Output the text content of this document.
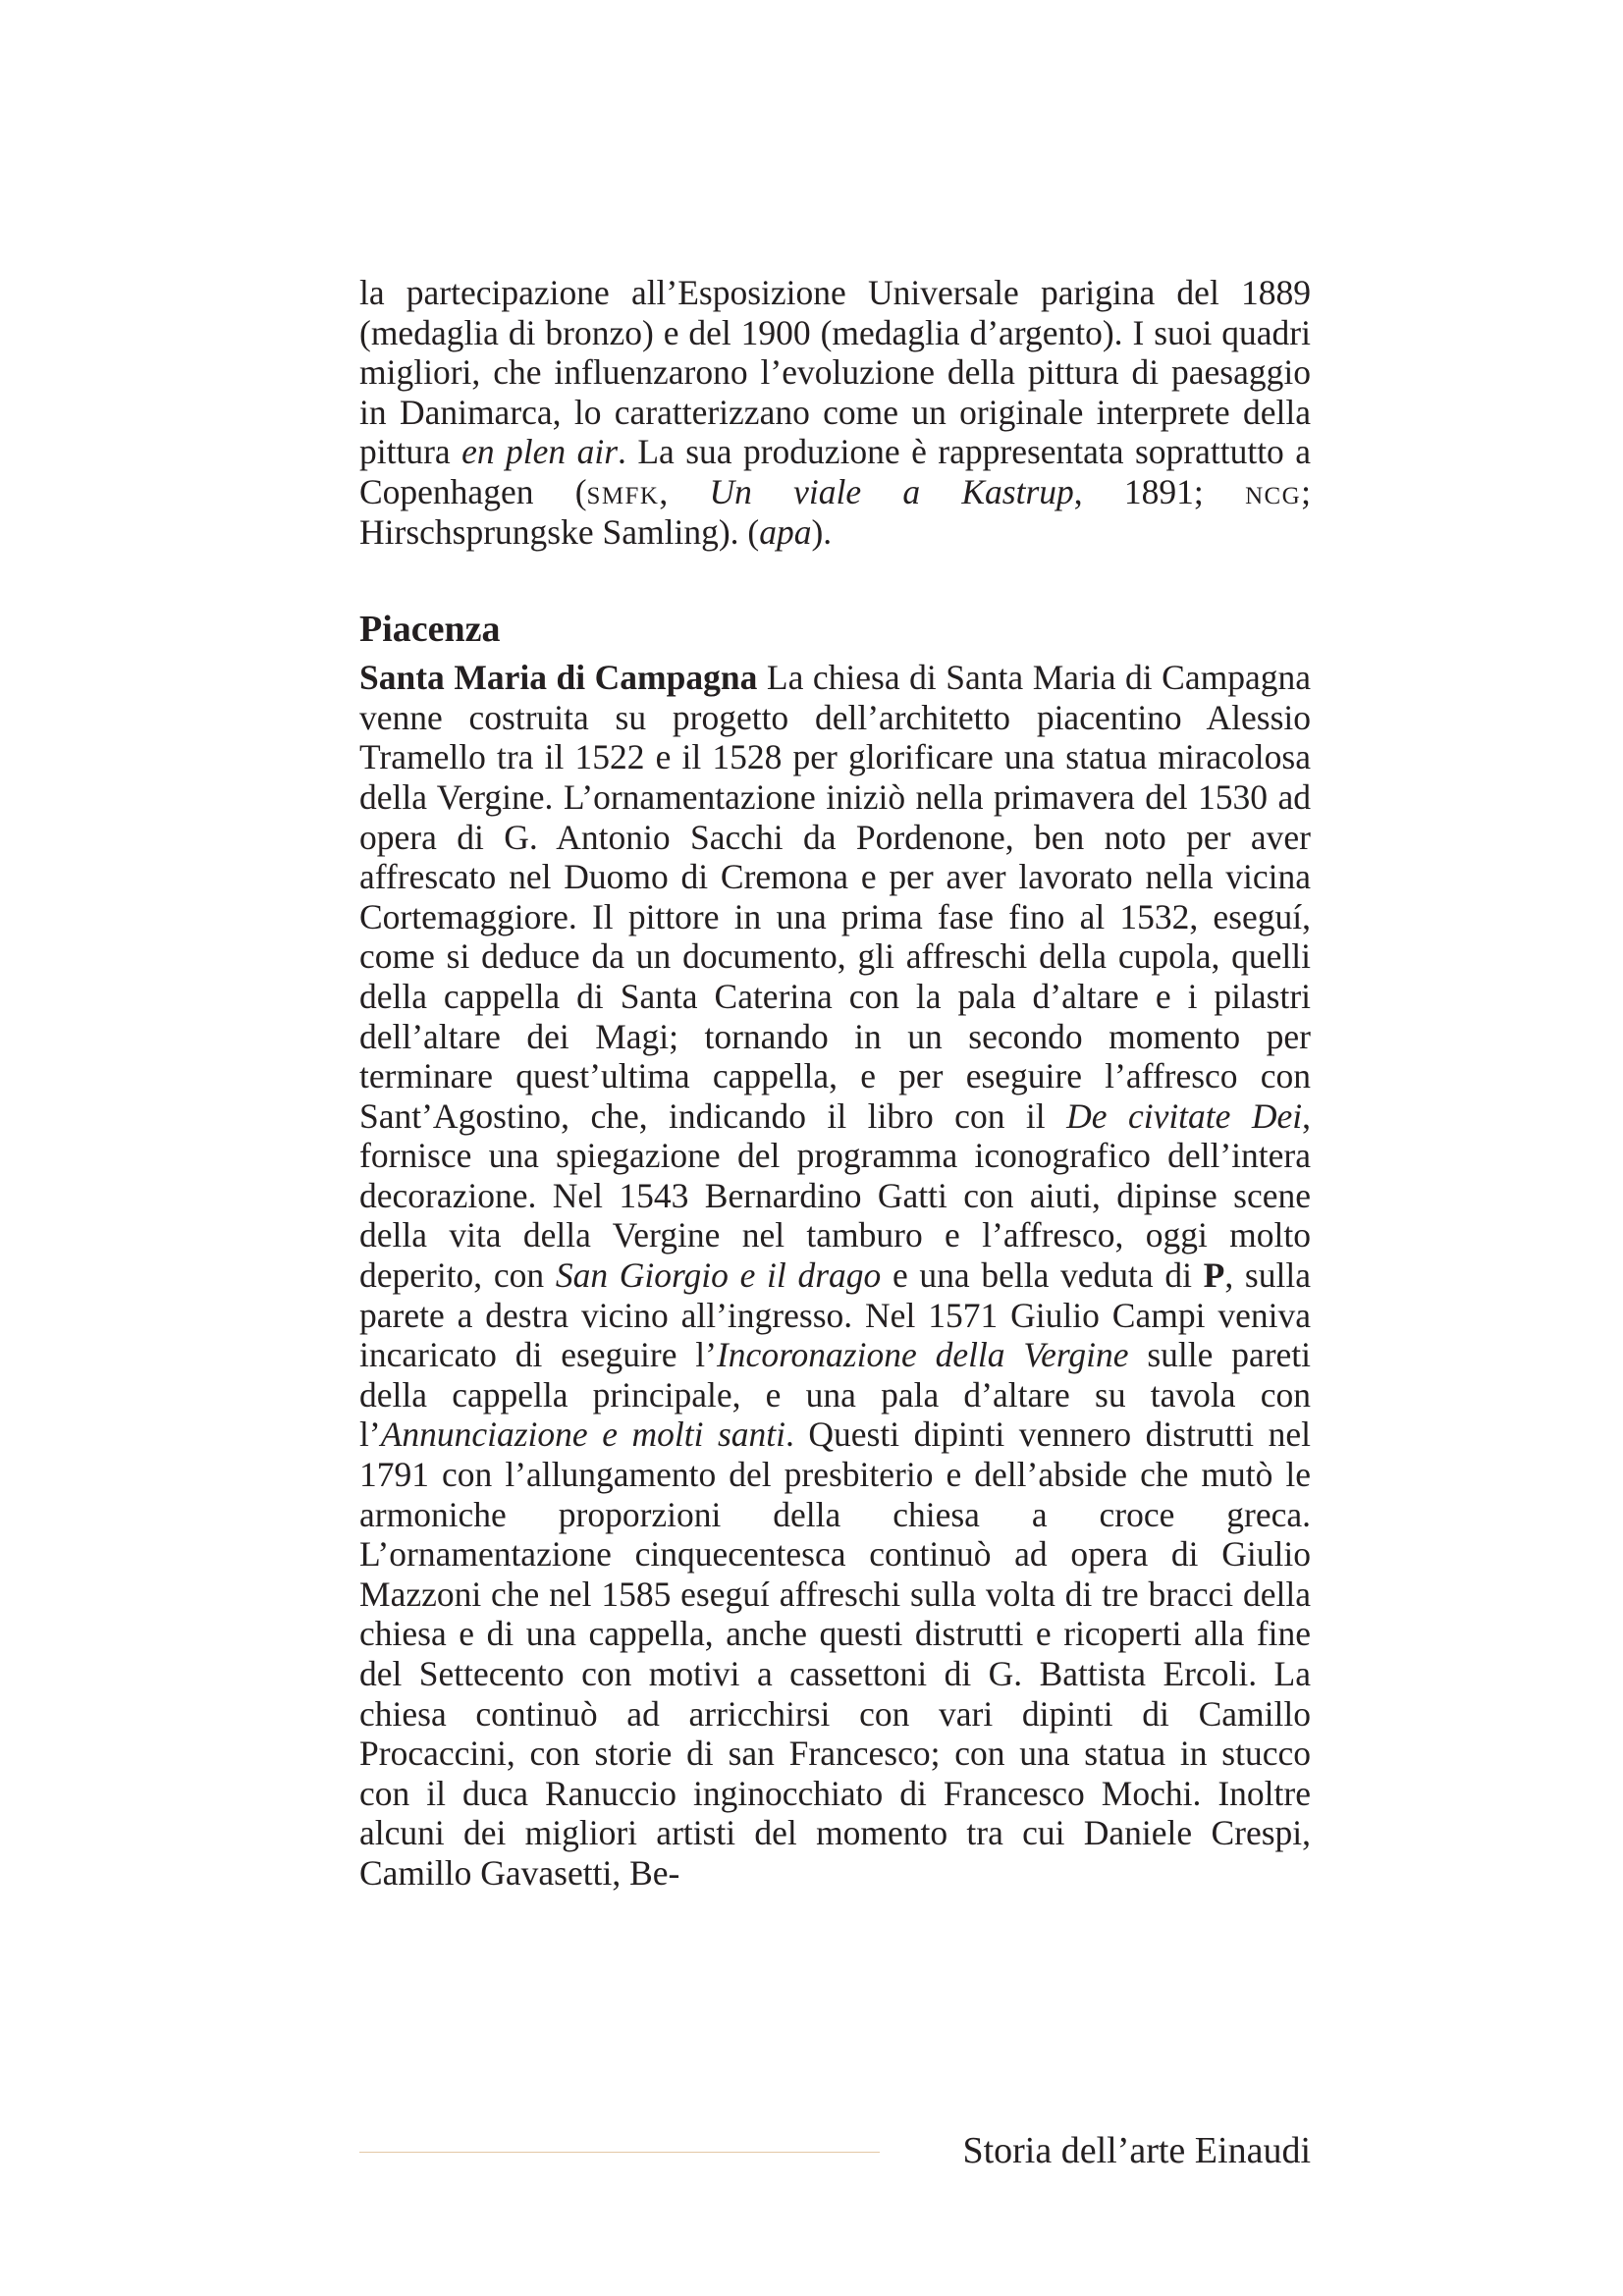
la partecipazione all’Esposizione Universale parigina del 1889 (medaglia di bronzo) e del 1900 (medaglia d’argento). I suoi quadri migliori, che influenzarono l’evoluzione della pittura di paesaggio in Danimarca, lo caratterizzano come un originale interprete della pittura en plen air. La sua produzione è rappresentata soprattutto a Copenhagen (smfk, Un viale a Kastrup, 1891; ncg; Hirschsprungske Samling). (apa).

Piacenza

Santa Maria di Campagna La chiesa di Santa Maria di Campagna venne costruita su progetto dell’architetto piacentino Alessio Tramello tra il 1522 e il 1528 per glorificare una statua miracolosa della Vergine. L’ornamentazione iniziò nella primavera del 1530 ad opera di G. Antonio Sacchi da Pordenone, ben noto per aver affrescato nel Duomo di Cremona e per aver lavorato nella vicina Cortemaggiore. Il pittore in una prima fase fino al 1532, eseguí, come si deduce da un documento, gli affreschi della cupola, quelli della cappella di Santa Caterina con la pala d’altare e i pilastri dell’altare dei Magi; tornando in un secondo momento per terminare quest’ultima cappella, e per eseguire l’affresco con Sant’Agostino, che, indicando il libro con il De civitate Dei, fornisce una spiegazione del programma iconografico dell’intera decorazione. Nel 1543 Bernardino Gatti con aiuti, dipinse scene della vita della Vergine nel tamburo e l’affresco, oggi molto deperito, con San Giorgio e il drago e una bella veduta di P, sulla parete a destra vicino all’ingresso. Nel 1571 Giulio Campi veniva incaricato di eseguire l’Incoronazione della Vergine sulle pareti della cappella principale, e una pala d’altare su tavola con l’Annunciazione e molti santi. Questi dipinti vennero distrutti nel 1791 con l’allungamento del presbiterio e dell’abside che mutò le armoniche proporzioni della chiesa a croce greca. L’ornamentazione cinquecentesca continuò ad opera di Giulio Mazzoni che nel 1585 eseguí affreschi sulla volta di tre bracci della chiesa e di una cappella, anche questi distrutti e ricoperti alla fine del Settecento con motivi a cassettoni di G. Battista Ercoli. La chiesa continuò ad arricchirsi con vari dipinti di Camillo Procaccini, con storie di san Francesco; con una statua in stucco con il duca Ranuccio inginocchiato di Francesco Mochi. Inoltre alcuni dei migliori artisti del momento tra cui Daniele Crespi, Camillo Gavasetti, Be-

Storia dell’arte Einaudi
